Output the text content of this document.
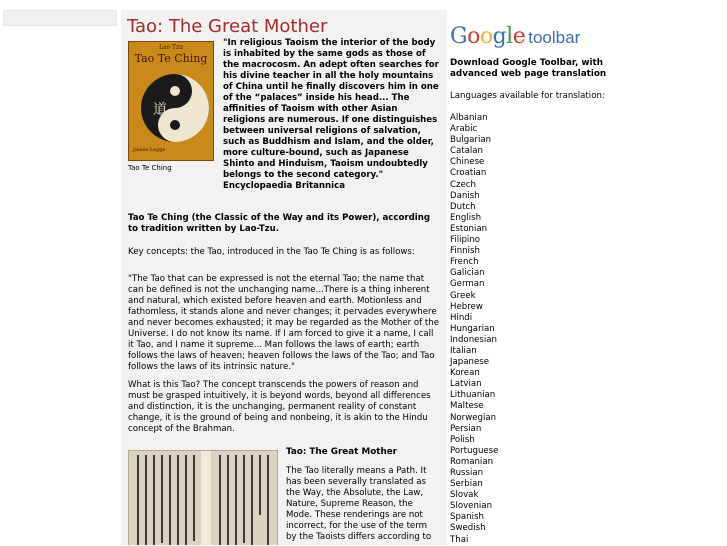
Tao: The Great Mother
Lao Tzu
Tao Te Ching
道
James Legge
Tao Te Ching

"In religious Taoism the interior of the body is inhabited by the same gods as those of the macrocosm. An adept often searches for his divine teacher in all the holy mountains of China until he finally discovers him in one of the “palaces” inside his head... The affinities of Taoism with other Asian religions are numerous. If one distinguishes between universal religions of salvation, such as Buddhism and Islam, and the older, more culture-bound, such as Japanese Shinto and Hinduism, Taoism undoubtedly belongs to the second category." Encyclopaedia Britannica

Tao Te Ching (the Classic of the Way and its Power), according to tradition written by Lao-Tzu.

Key concepts: the Tao, introduced in the Tao Te Ching is as follows:

"The Tao that can be expressed is not the eternal Tao; the name that can be defined is not the unchanging name...There is a thing inherent and natural, which existed before heaven and earth. Motionless and fathomless, it stands alone and never changes; it pervades everywhere and never becomes exhausted; it may be regarded as the Mother of the Universe. I do not know its name. If I am forced to give it a name, I call it Tao, and I name it supreme... Man follows the laws of earth; earth follows the laws of heaven; heaven follows the laws of the Tao; and Tao follows the laws of its intrinsic nature."

What is this Tao? The concept transcends the powers of reason and must be grasped intuitively, it is beyond words, beyond all differences and distinction, it is the unchanging, permanent reality of constant change, it is the ground of being and nonbeing, it is akin to the Hindu concept of the Brahman.

Tao: The Great Mother

The Tao literally means a Path. It has been severally translated as the Way, the Absolute, the Law, Nature, Supreme Reason, the Mode. These renderings are not incorrect, for the use of the term by the Taoists differs according to

Google toolbar

Download Google Toolbar, with advanced web page translation

Languages available for translation:

Albanian
Arabic
Bulgarian
Catalan
Chinese
Croatian
Czech
Danish
Dutch
English
Estonian
Filipino
Finnish
French
Galician
German
Greek
Hebrew
Hindi
Hungarian
Indonesian
Italian
Japanese
Korean
Latvian
Lithuanian
Maltese
Norwegian
Persian
Polish
Portuguese
Romanian
Russian
Serbian
Slovak
Slovenian
Spanish
Swedish
Thai
